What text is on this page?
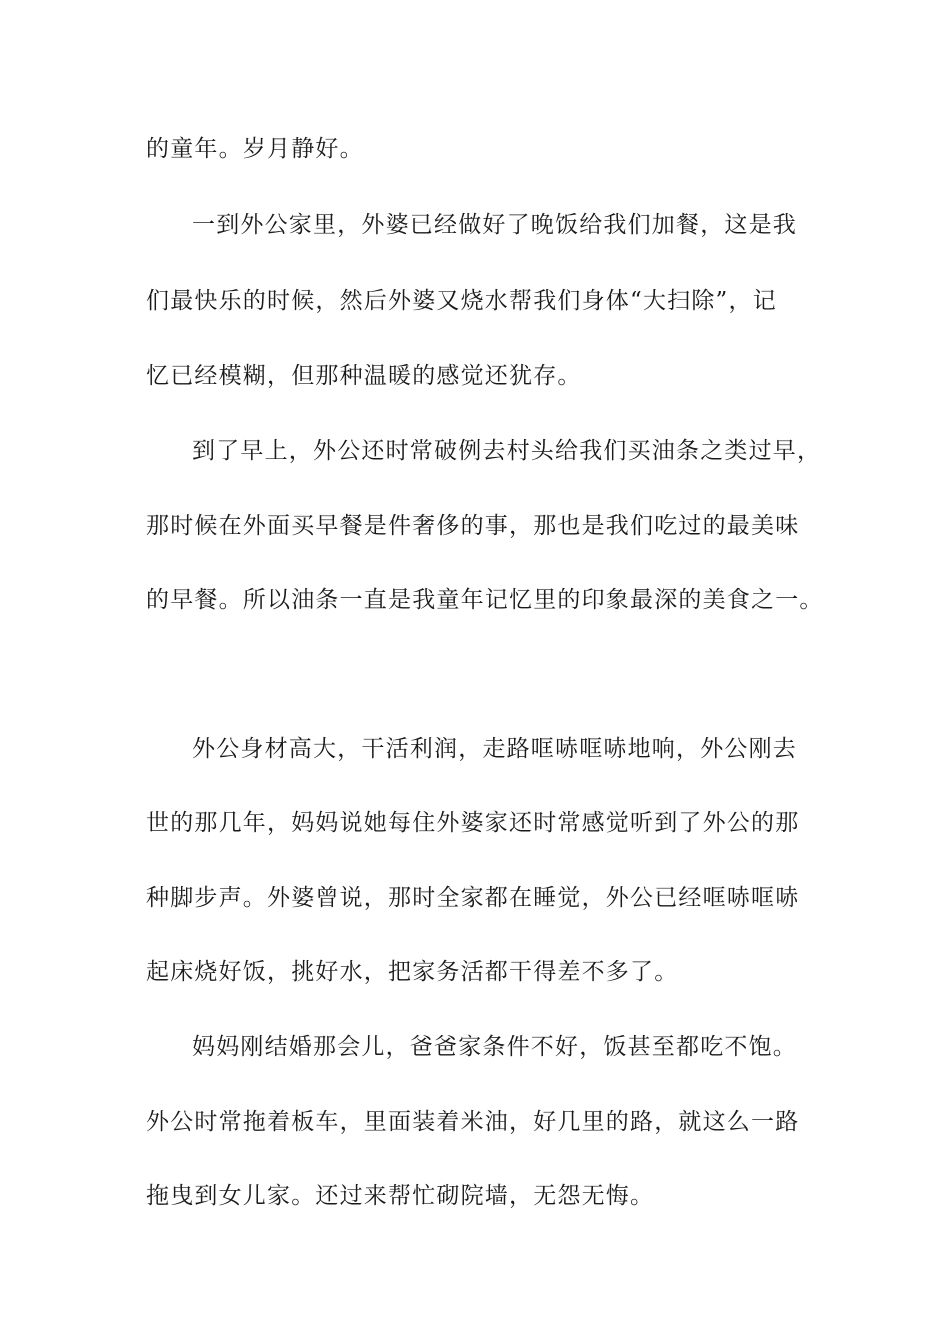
的童年。岁月静好。
一到外公家里，外婆已经做好了晚饭给我们加餐，这是我
们最快乐的时候，然后外婆又烧水帮我们身体“大扫除”，记
忆已经模糊，但那种温暖的感觉还犹存。
到了早上，外公还时常破例去村头给我们买油条之类过早，
那时候在外面买早餐是件奢侈的事，那也是我们吃过的最美味
的早餐。所以油条一直是我童年记忆里的印象最深的美食之一。
外公身材高大，干活利润，走路哐哧哐哧地响，外公刚去
世的那几年，妈妈说她每住外婆家还时常感觉听到了外公的那
种脚步声。外婆曾说，那时全家都在睡觉，外公已经哐哧哐哧
起床烧好饭，挑好水，把家务活都干得差不多了。
妈妈刚结婚那会儿，爸爸家条件不好，饭甚至都吃不饱。
外公时常拖着板车，里面装着米油，好几里的路，就这么一路
拖曳到女儿家。还过来帮忙砌院墙，无怨无悔。
